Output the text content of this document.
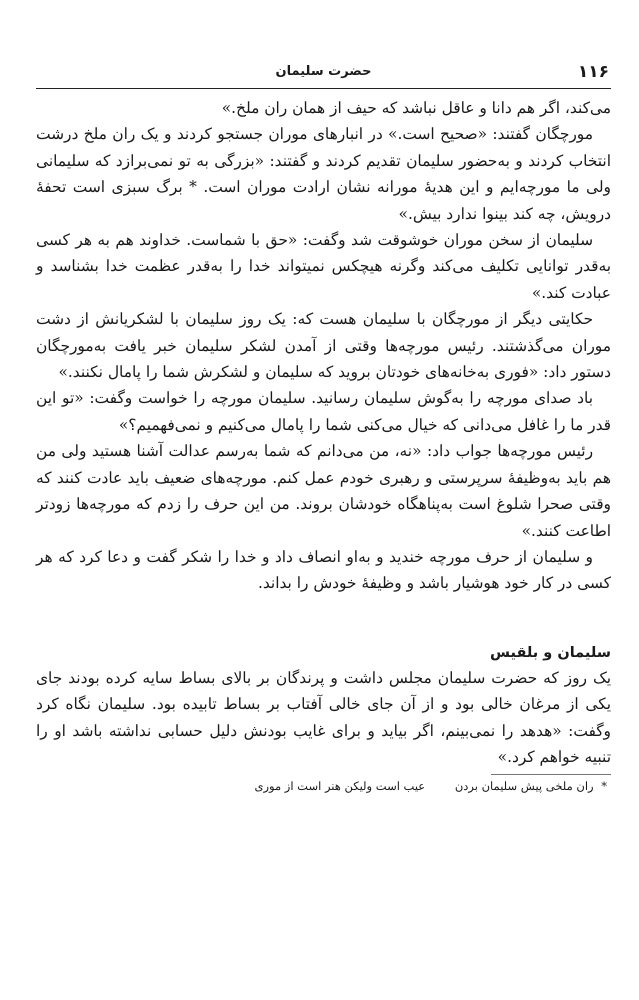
۱۱۶
حضرت سلیمان

می‌کند، اگر هم دانا و عاقل نباشد که حیف از همان ران ملخ.»

مورچگان گفتند: «صحیح است.» در انبارهای موران جستجو کردند و یک ران ملخ درشت انتخاب کردند و به‌حضور سلیمان تقدیم کردند و گفتند: «بزرگی به تو نمی‌برازد که سلیمانی ولی ما مورچه‌ایم و این هدیهٔ مورانه نشان ارادت موران است. * برگ سبزی است تحفهٔ درویش، چه کند بینوا ندارد بیش.»

سلیمان از سخن موران خوشوقت شد وگفت: «حق با شماست. خداوند هم به هر کسی به‌قدر توانایی تکلیف می‌کند وگرنه هیچکس نمیتواند خدا را به‌قدر عظمت خدا بشناسد و عبادت کند.»

حکایتی دیگر از مورچگان با سلیمان هست که: یک روز سلیمان با لشکریانش از دشت موران می‌گذشتند. رئیس مورچه‌ها وقتی از آمدن لشکر سلیمان خبر یافت به‌مورچگان دستور داد: «فوری به‌خانه‌های خودتان بروید که سلیمان و لشکرش شما را پامال نکنند.»

باد صدای مورچه را به‌گوش سلیمان رسانید. سلیمان مورچه را خواست وگفت: «تو این قدر ما را غافل می‌دانی که خیال می‌کنی شما را پامال می‌کنیم و نمی‌فهمیم؟»

رئیس مورچه‌ها جواب داد: «نه، من می‌دانم که شما به‌رسم عدالت آشنا هستید ولی من هم باید به‌وظیفهٔ سرپرستی و رهبری خودم عمل کنم. مورچه‌های ضعیف باید عادت کنند که وقتی صحرا شلوغ است به‌پناهگاه خودشان بروند. من این حرف را زدم که مورچه‌ها زودتر اطاعت کنند.»

و سلیمان از حرف مورچه خندید و به‌او انصاف داد و خدا را شکر گفت و دعا کرد که هر کسی در کار خود هوشیار باشد و وظیفهٔ خودش را بداند.

سلیمان و بلقیس

یک روز که حضرت سلیمان مجلس داشت و پرندگان بر بالای بساط سایه کرده بودند جای یکی از مرغان خالی بود و از آن جای خالی آفتاب بر بساط تابیده بود. سلیمان نگاه کرد وگفت: «هدهد را نمی‌بینم، اگر بیاید و برای غایب بودنش دلیل حسابی نداشته باشد او را تنبیه خواهم کرد.»

* ران ملخی پیش سلیمان بردن عیب است ولیکن هنر است از موری
